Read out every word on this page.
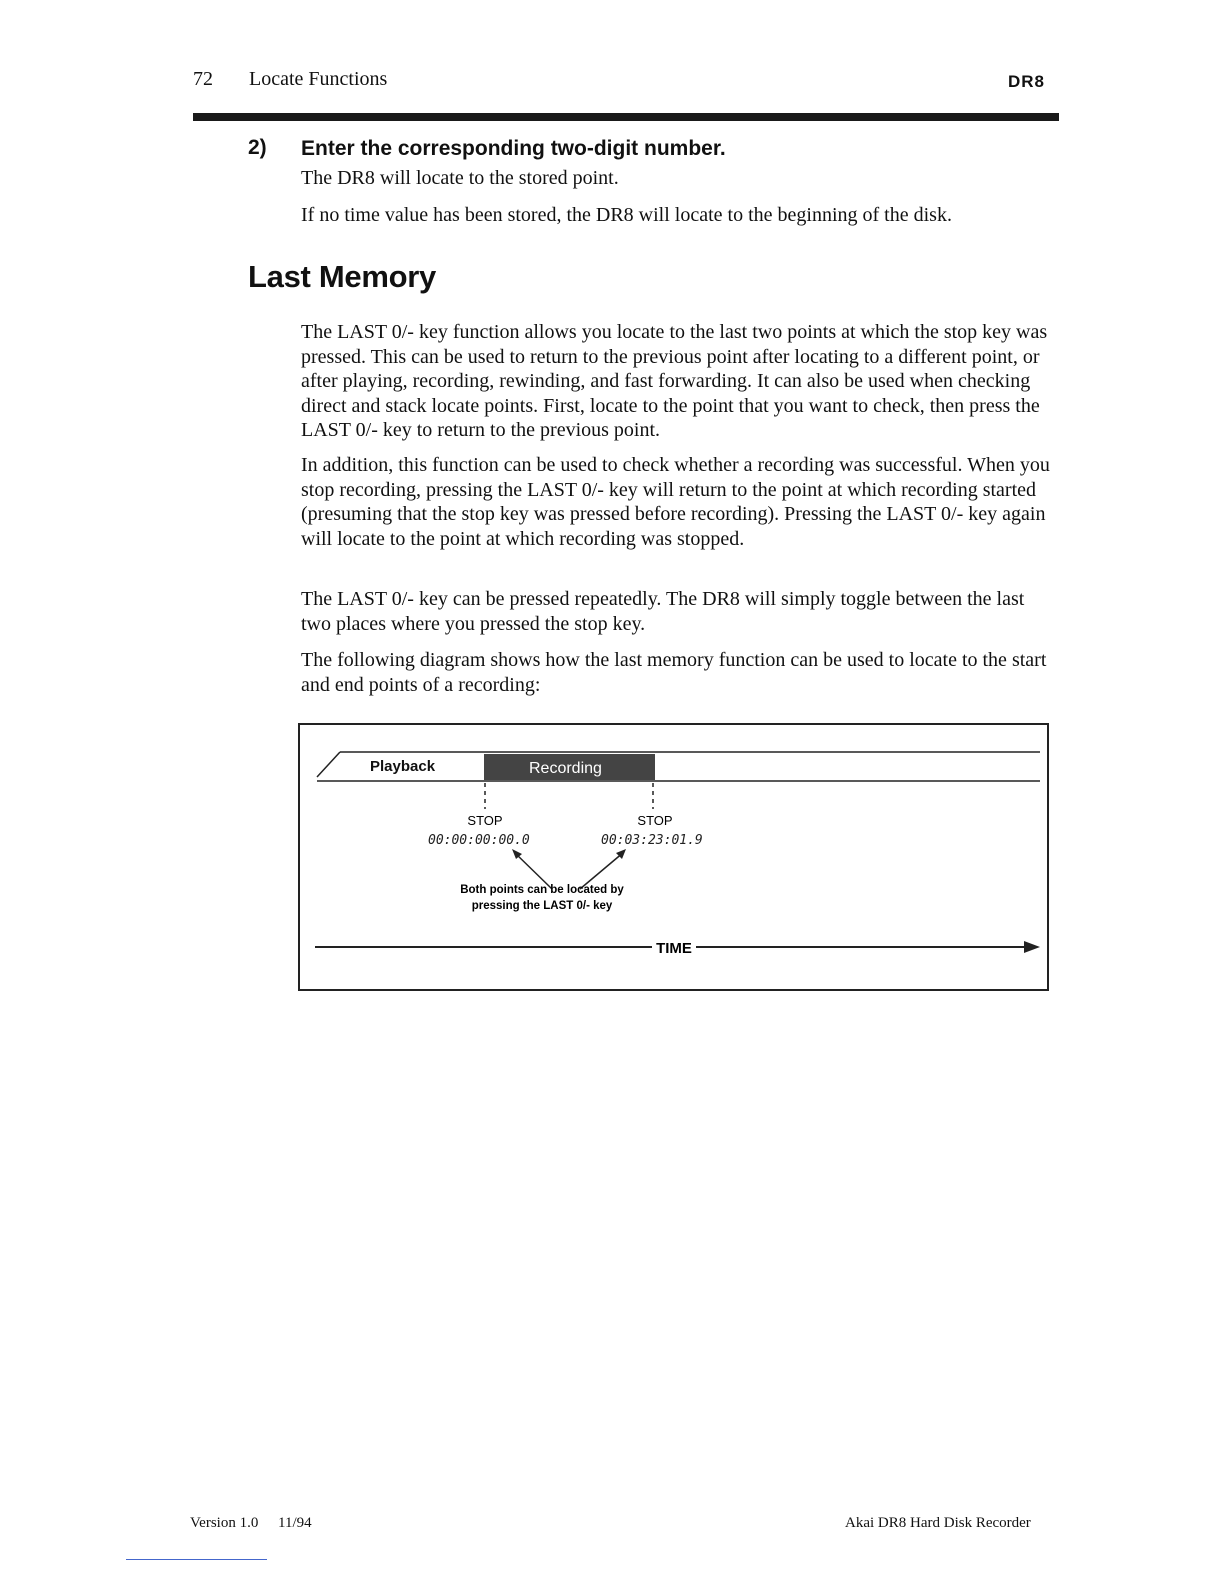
72 Locate Functions	DR8
2) Enter the corresponding two-digit number.
The DR8 will locate to the stored point.
If no time value has been stored, the DR8 will locate to the beginning of the disk.
Last Memory
The LAST 0/- key function allows you locate to the last two points at which the stop key was pressed. This can be used to return to the previous point after locating to a different point, or after playing, recording, rewinding, and fast forwarding. It can also be used when checking direct and stack locate points. First, locate to the point that you want to check, then press the LAST 0/- key to return to the previous point.
In addition, this function can be used to check whether a recording was successful. When you stop recording, pressing the LAST 0/- key will return to the point at which recording started (presuming that the stop key was pressed before recording). Pressing the LAST 0/- key again will locate to the point at which recording was stopped.
The LAST 0/- key can be pressed repeatedly. The DR8 will simply toggle between the last two places where you pressed the stop key.
The following diagram shows how the last memory function can be used to locate to the start and end points of a recording:
Playback	Recording
STOP	STOP
00:00:00:00.0	00:03:23:01.9
Both points can be located by
pressing the LAST 0/- key
TIME
Version 1.0 11/94	Akai DR8 Hard Disk Recorder
